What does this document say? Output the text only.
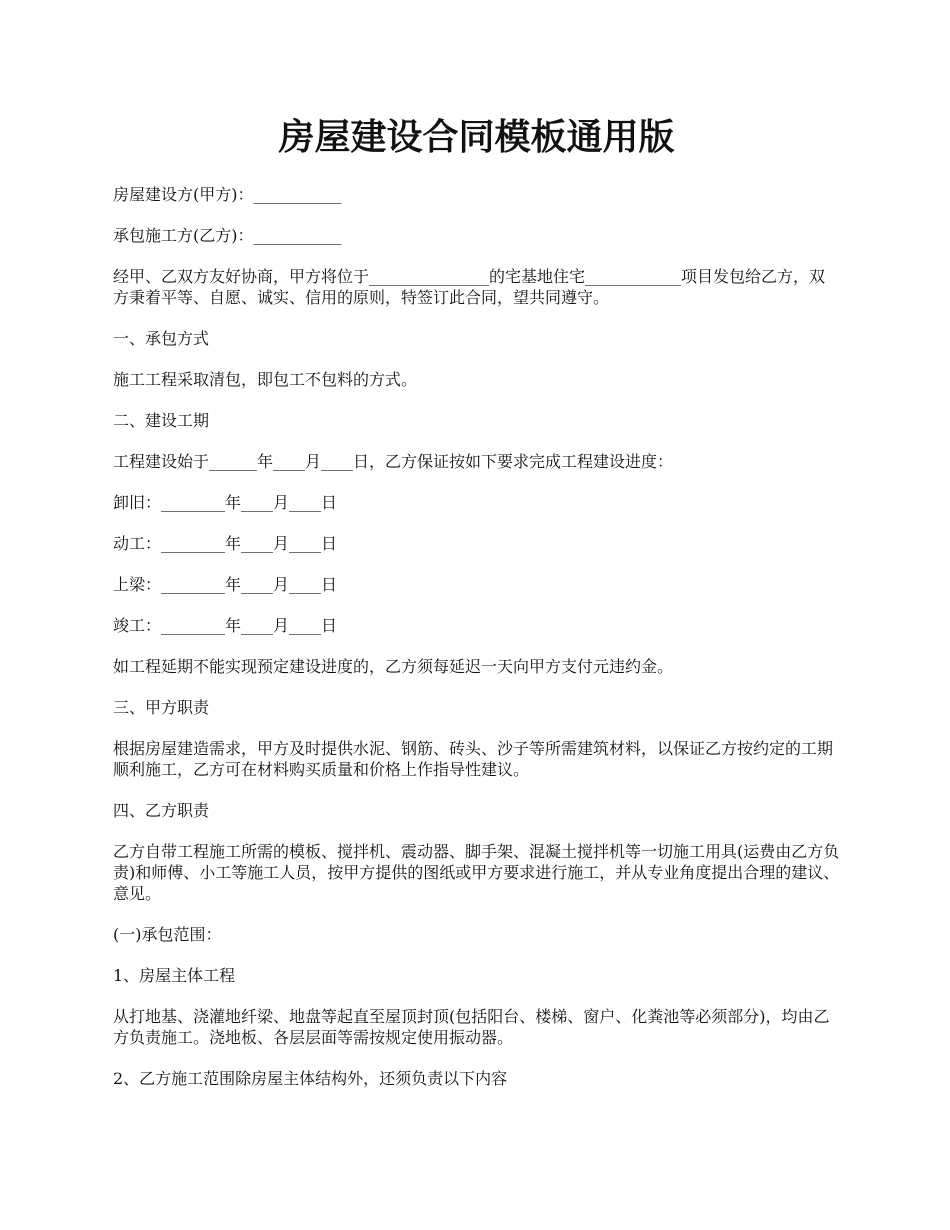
房屋建设合同模板通用版

房屋建设方(甲方)：___________

承包施工方(乙方)：___________

经甲、乙双方友好协商，甲方将位于_______________的宅基地住宅____________项目发包给乙方，双方秉着平等、自愿、诚实、信用的原则，特签订此合同，望共同遵守。

一、承包方式

施工工程采取清包，即包工不包料的方式。

二、建设工期

工程建设始于______年____月____日，乙方保证按如下要求完成工程建设进度：

卸旧：________年____月____日

动工：________年____月____日

上梁：________年____月____日

竣工：________年____月____日

如工程延期不能实现预定建设进度的，乙方须每延迟一天向甲方支付元违约金。

三、甲方职责

根据房屋建造需求，甲方及时提供水泥、钢筋、砖头、沙子等所需建筑材料，以保证乙方按约定的工期顺利施工，乙方可在材料购买质量和价格上作指导性建议。

四、乙方职责

乙方自带工程施工所需的模板、搅拌机、震动器、脚手架、混凝土搅拌机等一切施工用具(运费由乙方负责)和师傅、小工等施工人员，按甲方提供的图纸或甲方要求进行施工，并从专业角度提出合理的建议、意见。

(一)承包范围：

1、房屋主体工程

从打地基、浇灌地纤梁、地盘等起直至屋顶封顶(包括阳台、楼梯、窗户、化粪池等必须部分)，均由乙方负责施工。浇地板、各层层面等需按规定使用振动器。

2、乙方施工范围除房屋主体结构外，还须负责以下内容
